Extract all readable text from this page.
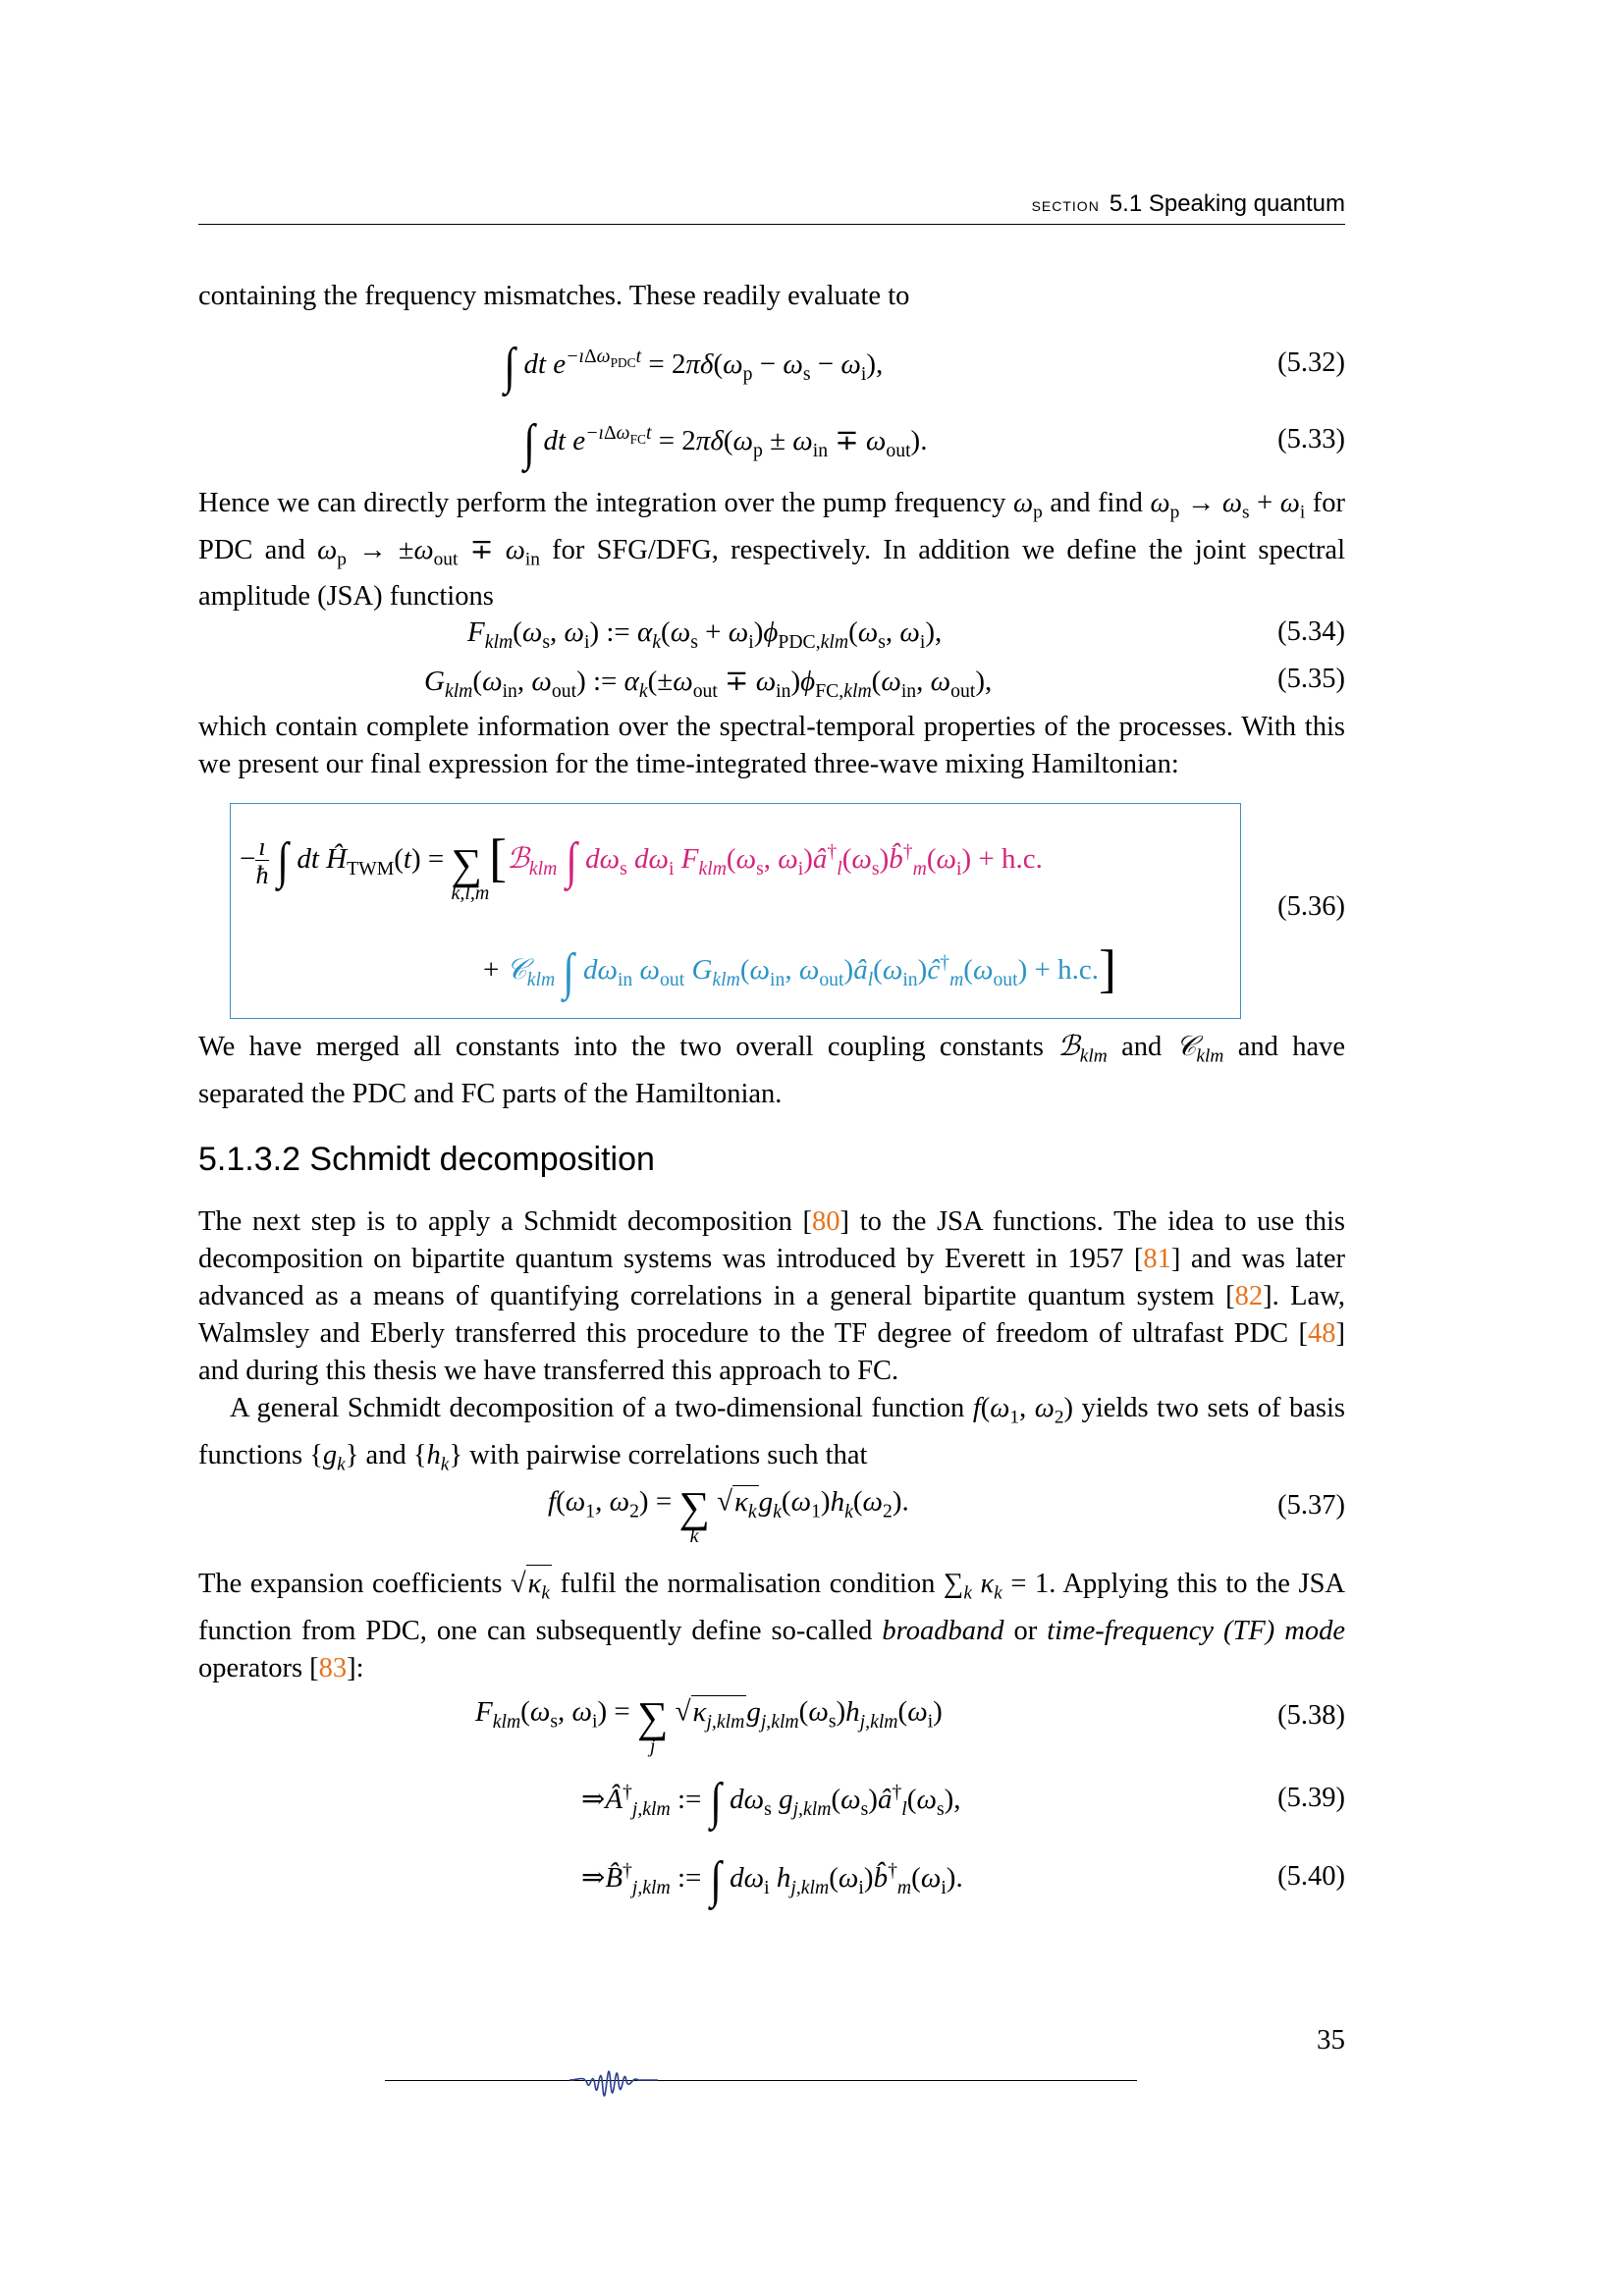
section 5.1 Speaking quantum
containing the frequency mismatches. These readily evaluate to
∫ dt $e^{-ı\Delta\omega_{PDC}t} = 2\pi\delta(\omega_p - \omega_s - \omega_i)$,	(5.32)
∫ dt $e^{-ı\Delta\omega_{FC}t} = 2\pi\delta(\omega_p \pm \omega_{in} \mp \omega_{out})$.	(5.33)
Hence we can directly perform the integration over the pump frequency $\omega_p$ and find $\omega_p \to \omega_s + \omega_i$ for PDC and $\omega_p \to \pm\omega_{out} \mp \omega_{in}$ for SFG/DFG, respectively. In addition we define the joint spectral amplitude (JSA) functions
$F_{klm}(\omega_s$, $\omega_i$) := $\alpha_k(\omega_s + \omega_i)\phi_{PDC,klm}(\omega_s$, $\omega_i$),	(5.34)
$G_{klm}(\omega_{in}$, $\omega_{out}$) := $\alpha_k(\pm\omega_{out} \mp \omega_{in})\phi_{FC,klm}(\omega_{in}$, $\omega_{out}$),	(5.35)
which contain complete information over the spectral-temporal properties of the processes. With this we present our final expression for the time-integrated three-wave mixing Hamiltonian:
− $\frac{ı}{ħ}$ ∫ dt $Ĥ_{TWM}(t)$ = ∑
k,l,m
[ℬ$_{klm}$ ∫ $d\omega_s$ $d\omega_i$ $F_{klm}(\omega_s$, $\omega_i)â^\dagger_l(\omega_s)b̂^\dagger_m(\omega_i) + h.c$.
+ 𝒞$_{klm}$ ∫ $d\omega_{in}$ $\omega_{out}$ $G_{klm}(\omega_{in}$, $\omega_{out})â_l(\omega_{in})ĉ^\dagger_m(\omega_{out}) + h.c$.]
(5.36)
We have merged all constants into the two overall coupling constants ℬ$_{klm}$ and 𝒞$_{klm}$ and have separated the PDC and FC parts of the Hamiltonian.
5.1.3.2 Schmidt decomposition
The next step is to apply a Schmidt decomposition [80] to the JSA functions. The idea to use this decomposition on bipartite quantum systems was introduced by Everett in 1957 [81] and was later advanced as a means of quantifying correlations in a general bipartite quantum system [82]. Law, Walmsley and Eberly transferred this procedure to the TF degree of freedom of ultrafast PDC [48] and during this thesis we have transferred this approach to FC.
A general Schmidt decomposition of a two-dimensional function $f(\omega_1$, $\omega_2$) yields two sets of basis functions $\{g_k\}$ and $\{h_k\}$ with pairwise correlations such that
$f(\omega_1$, $\omega_2$) = ∑
k
$√\kappa_kg_k(\omega_1)h_k(\omega_2)$.	(5.37)
The expansion coefficients $√\kappa_k$ fulfil the normalisation condition $\sum_k$ $\kappa_k = 1$. Applying this to the JSA function from PDC, one can subsequently define so-called broadband or time-frequency (TF) mode operators [83]:
$F_{klm}(\omega_s$, $\omega_i$) = ∑
j
$√\kappa_{j,klm}g_{j,klm}(\omega_s)h_{j,klm}(\omega_i)$	(5.38)
$\Rightarrow Â^\dagger_{j,klm}$ := ∫ $d\omega_s$ $g_{j,klm}(\omega_s)â^\dagger_l(\omega_s)$,	(5.39)
$\Rightarrow B̂^\dagger_{j,klm}$ := ∫ $d\omega_i$ $h_{j,klm}(\omega_i)b̂^\dagger_m(\omega_i)$.	(5.40)
35
